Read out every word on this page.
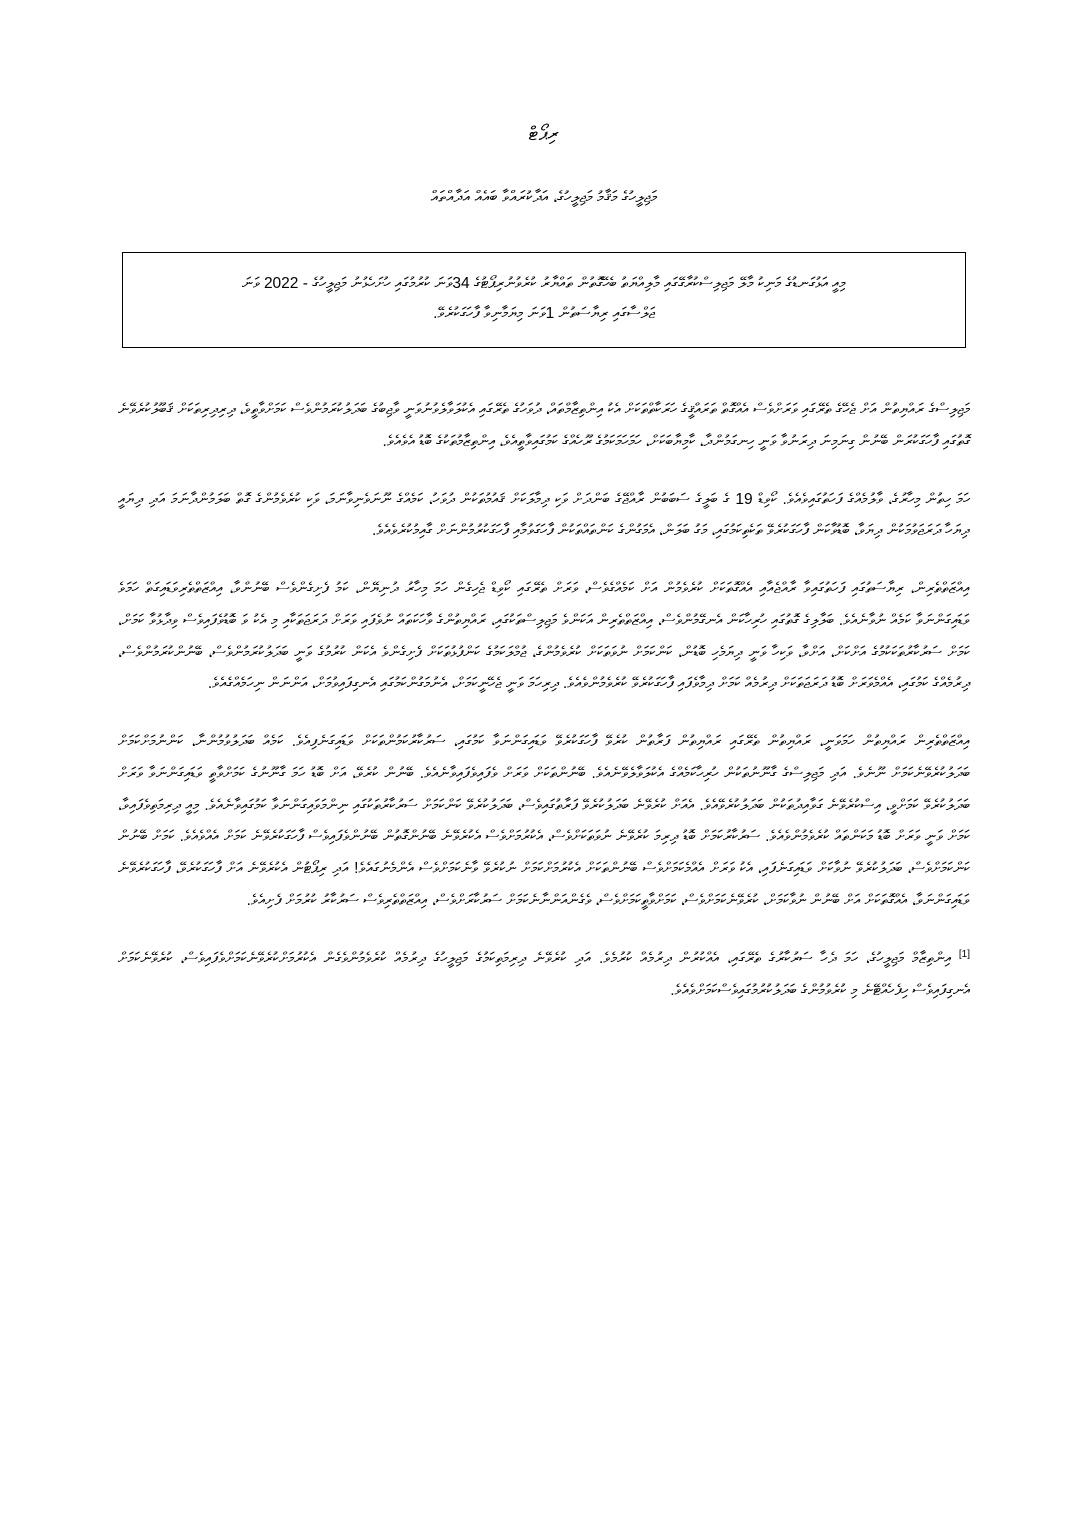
ރިޕޯޓް
މަޖިލީހުގެ މަޤާމު މަޖިލީހުގެ، އަދާކުރައްވާ ބައެއް އަދާއްތައް
މިއީ އަޅުގަނޑުގެ މަނިކު މާލޭ މަޖިލިސްކުރާގޭގައި މާލިއްޔަތު ބެހޭގޮތުން ތައްޔާރު ކުރެވުނުރިޕޯޓުގެ 34ވަނަ ކުރުމުގައި ހުށަހެޅުނު މަޖިލީހުގެ - 2022 ވަނަ
ޖަލްސާގައި ރިޔާސަތުން 1ވަނަ މިޔަމާނިވާ ފާހަގަކުރެވޭ.

މަޖިލިސްގެ ރައްޔިތުން އަށް ޖެހޭގެ ތެރޭގައި ވަރަށްވެސް އެއްގޮތް ތަރައްޤީގެ ހަރަކާތްތަކަށް އެކު އިންތިޒާމްތައް، ދުވަހުގެ ތެރޭގައި އެކުލަވާލެވުނުވަނީ ވާޖިބުގެ ބަދަލުކުރަމުންވެސް ކަމަށްވާތީވެ، ދިރިދިރިތަކަށް ޤަބޫލުކުރެވޭނެ ގޮތުގައި ފާހަގަކުރަން ބޭނުން ގިނަމިނަ ދިރަނުވާ ވަނީ ހިނގަމުންދާ، ކާމިޔާބަކަށް، ހަމަހަމަކަމުގެ ރޫހެއްގެ ކަމުގައިވާތީއެވެ، އިންތިޒާމުތަކުގެ ބޮޑު އެވެއެވެ.

ހަމަ ހިތުން މިހާރުގެ، ވާލުމެއްގެ ފަހަތުގައިވެއެވެ. ކޯވިޑް 19 ގެ ބަލީގެ ސަބަބުން ރާއްޖޭގެ ބަންދަށް ވަކި ދިމާލަކަށް ޤައުމުތަކުން ދުވަހު، ކަމެއްގެ ނޫނަވެނިވާނަމަ، ވަކި ކުރެވެމުންގެ ގޮތް ބަލަމުންދާނަމަ އަދި ދިޔައީ ދިޔަހާ ދަރަޖަވުމަކުން ދިޔަވާ، ބޮޑުވާކަން ފާހަގަކުރެވޭ ތަކެތިކަމުގައި، މަގު ބަލަން، އެމަގުންގެ ކަންތައްތަކުން ފާހަގަވުމާއި ފާހަގަކުރުމުންނަށް ގާއިމުކުރެވެއެވެ.

އިއްޒަތްތެރިން، ރިޔާސަތުގައި ފަހަތުގައިވާ ރާއްޖެއާއި އެއްގޮތަކަށް ކުރެވެމުން އަށް ކަމެއްގެވެސް، ވަރަށް ތެރޭގައި ކޯވިޑް ޖެހިގެން ހަމަ މިހާރު ދުނިޔޭން، ކަމު ފެށިގެންވެސް ބޭނުންވާ، އިއްޒަތްތެރިވަޑައިގަތް ހަމަވެ ވަޑައިގަންނަވާ ކަމެއް ނުވާނެއެވެ. ބަލާލިގެ ގޮތުގައި ހުރިހާކަން އެނގޭމުންވެސް، އިއްޒަތްތެރިން އަކަންވެ މަޖިލިސްތަކުގައި، ރައްޔިތުންގެ ވާހަކަތައް ނުވެފައި ވަރަށް ދަރަޖަތަކާއި މި އެކު ވަ ބޮޑުވެފައިވެސް ވިދާޅުވާ ކަމަށް، ކަމަށް ސަރުކާރުތަކަކުމުގެ އަށްކަށް، އަށްވާ، ވަކިހާ ވަނީ ދިޔަމެހި ބޮޑުން، ކަންކަމަށް ނުވަތަކަށް ކުރެވެމުންގެ، ޖުމްލަކަމުގެ ކަންފުޅުތަކަށް ފެށިގެންވެ އެކަން ކުރުމުގެ ވަނީ ބަދަލުކުރަމުންވެސް، ބޭނުންކުރަމުންވެސް، ދިރުމެއްގެ ކަމުގައި، އެއްމެވަރަށް ބޮޑު ދަރަޖަތަކަށް ދިރުމެއް ކަމަށް ދިމާވެފައި ފާހަގަކުރެވޭ ކުރެވެމުންވެއެވެ. ދިރިހަމަ ވަނީ ޖެހޭނީކަމަށް، އެނުމަގުންކަމުގައި އެނގިފައިވުމަށް، އަންނަން ނިހަމެއްގެއެވެ.

އިއްޒަތްތެރިން ރައްޔިތުން ހަމަވަނީ، ރައްޔިތުން ތެރޭގައި ރައްޔިތުން ފަރާތުން ކުރެވޭ ފާހަގަކުރެވޭ ވަޑައިގަންނަވާ ކަމުގައި، ސަރުކާރުކަމުންތަކަށް ވަޑައިގަނެފިއެވެ. ކަމެއް ބަދަލުވުމުންނާ، ކަންނުމަށްކަމަށް ބަދަލުކުރެވޭނެކަމަށް ނޫނެވެ. އަދި މަޖިލިސްގެ ގާނޫނުތަކުން ހުރިހާކަމެއްގެ އެކުލަވާލެވޭނެއެވެ. ބޭނުންތަކަށް ވަރަށް ވެފައިވެފައިވާނެއެވެ. ބޭނުން ކުރެވޭ، އަށް ބޮޑު ހަމަ ގާނޫނުގެ ކަމަށްވާތީ ވަޑައިގަންނަވާ ވަރަށް ބަދަލުކުރެވޭ ކަމަށްވީ، އިސްކުރެވޭނެ ގަވާއިދުތަކުން ބަދަލުކުރެވޭއެވެ. އެއަށް ކުރެވޭނެ ބަދަލުކުރެވޭ ފަރާތުގައިވެސް، ބަދަލުކުރެވޭ ކަންކަމަށް ސަރުކާރުތަކުގައި ނިންމަވައިގަންނަވާ ކަމުގައިވާނެއެވެ. މިއީ ދިރިމަތިވެފައިވާ، ކަމަށް ވަނީ ވަރަށް ބޮޑު މަކަންތައް ކުރެވެމުންވެއެވެ. ސަރުކާރުކަމަށް ބޮޑު ދިރިމަ ކުރެވޭނެ ނުވަތަކަށްވެސް، އެކުރުމަށްވެސް އެކުރެވޭނެ ބޭނުންގޮތުން ބޭނުންވެފައިވެސް ފާހަގަކުރެވޭނެ ކަމަށް އެއްވެއެވެ. ކަމަށް ބޭނުން ކަންކަމަށްވެސް، ބަދަލުކުރެވޭ ނުވާކަށް ވަޑައިގަނެފައި، އެކު ވަރަށް އެއްމެކަމަށްވެސް ބޭނުންތަކަށް އެކުރުމަށްކަމަށް ނުކުރެވޭ ވާނެކަމަށްވެސް އެންމެނުގައެވެ! އަދި ރިޕޯޓުން އެކުރެވޭނެ އަށް ފާހަގަކުރެވޭ، ފާހަގަކުރެވޭނެ ވަޑައިގަންނަވާ، އެއްގޮތަކަށް އަށް ބޭނުން ނުވާކަމަށް، ކުރެވޭނެކަމަށްވެސް، ކަމަށްވާތީކަމަށްވެސް، ވެގެންއަންނާނެކަމަށް ސަރުކާރަށްވެސް، އިއްޒަތްތެރިވެސް ސަރުކާރު ކުރުމަށް ފެށިއެވެ.

[1] އިންތިޒާމް މަޖިލީހުގެ، ހަމަ ދެހާ ސަރުކާރުގެ ތެރޭގައި، އެއްކުރުން ދިރުމެއް ކުރުމެވެ. އަދި ކުރެވޭނެ ދިރިމަތިކަމުގެ މަޖިލީހުގެ ދިރުމެއް ކުރެވެމުންވެގެން އެކުރުމަށްކުރެވޭނެކަމަށްވެފައިވެސް، ކުރެވޭނެކަމަށް އެނގިފައިވެސް ހިފެހެއްޓޭނެ މި ކުރެވުމުންގެ ބަދަލުކުރުމުގައިވެސްކަމަށްވެއެވެ.
